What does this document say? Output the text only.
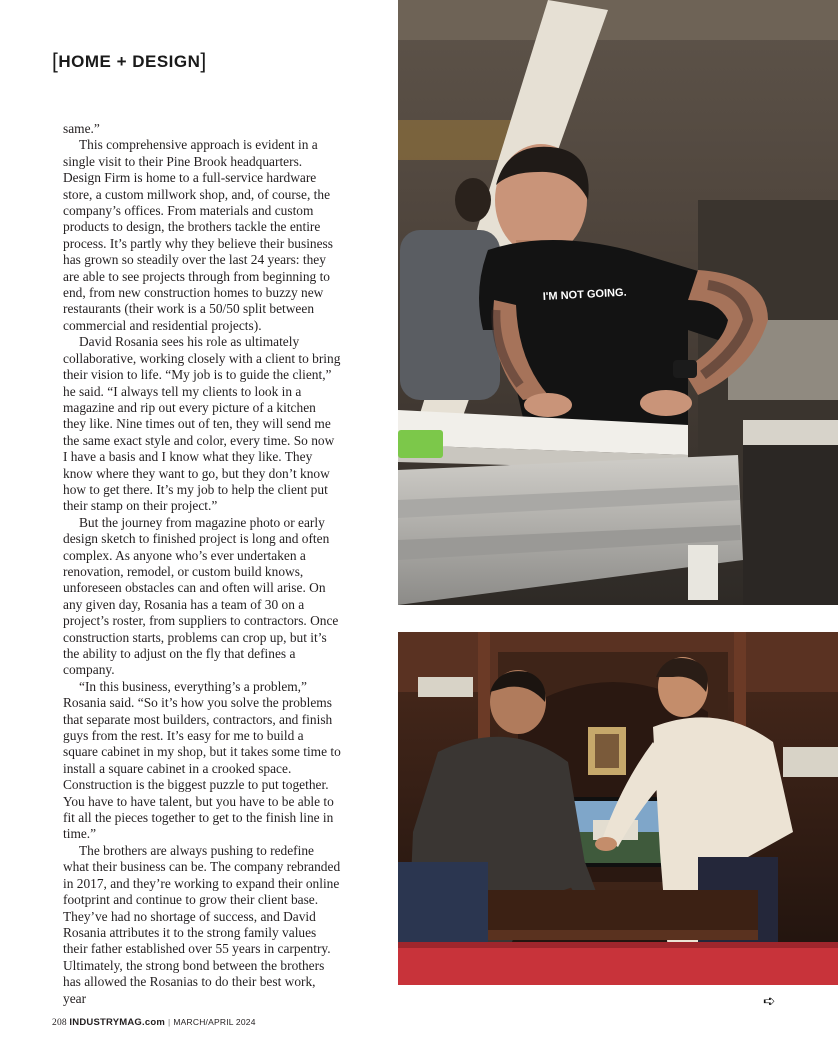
[HOME + DESIGN]

same.”

This comprehensive approach is evident in a single visit to their Pine Brook headquarters. Design Firm is home to a full-service hardware store, a custom millwork shop, and, of course, the company’s offices. From materials and custom products to design, the brothers tackle the entire process. It’s partly why they believe their business has grown so steadily over the last 24 years: they are able to see projects through from beginning to end, from new construction homes to buzzy new restaurants (their work is a 50/50 split between commercial and residential projects).

David Rosania sees his role as ultimately collaborative, working closely with a client to bring their vision to life. “My job is to guide the client,” he said. “I always tell my clients to look in a magazine and rip out every picture of a kitchen they like. Nine times out of ten, they will send me the same exact style and color, every time. So now I have a basis and I know what they like. They know where they want to go, but they don’t know how to get there. It’s my job to help the client put their stamp on their project.”

But the journey from magazine photo or early design sketch to finished project is long and often complex. As anyone who’s ever undertaken a renovation, remodel, or custom build knows, unforeseen obstacles can and often will arise. On any given day, Rosania has a team of 30 on a project’s roster, from suppliers to contractors. Once construction starts, problems can crop up, but it’s the ability to adjust on the fly that defines a company.

“In this business, everything’s a problem,” Rosania said. “So it’s how you solve the problems that separate most builders, contractors, and finish guys from the rest. It’s easy for me to build a square cabinet in my shop, but it takes some time to install a square cabinet in a crooked space. Construction is the biggest puzzle to put together. You have to have talent, but you have to be able to fit all the pieces together to get to the finish line in time.”

The brothers are always pushing to redefine what their business can be. The company rebranded in 2017, and they’re working to expand their online footprint and continue to grow their client base. They’ve had no shortage of success, and David Rosania attributes it to the strong family values their father established over 55 years in carpentry. Ultimately, the strong bond between the brothers has allowed the Rosanias to do their best work, year

I'M NOT GOING.
➪
208 INDUSTRYMAG.com | MARCH/APRIL 2024
